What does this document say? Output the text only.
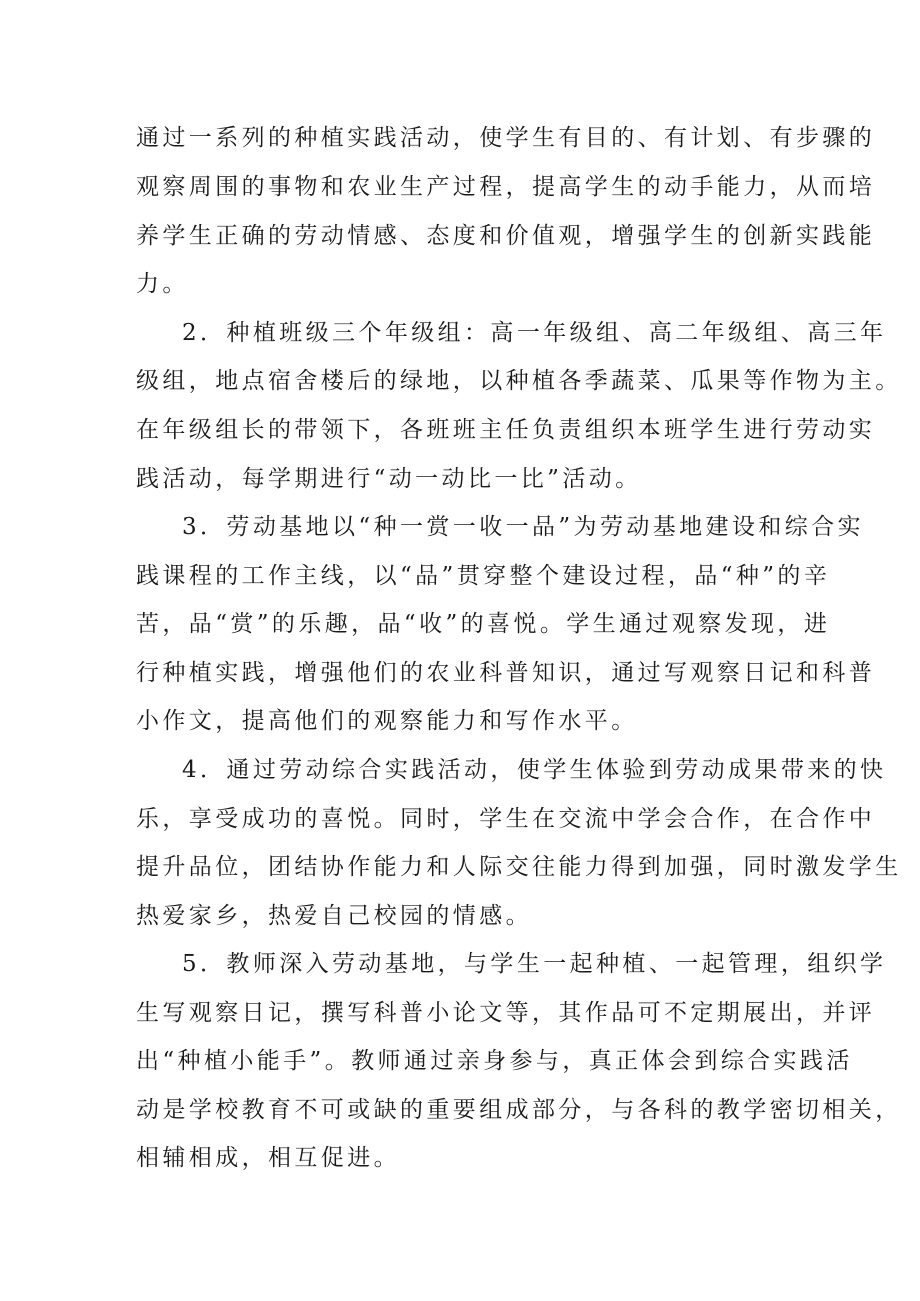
通过一系列的种植实践活动，使学生有目的、有计划、有步骤的
观察周围的事物和农业生产过程，提高学生的动手能力，从而培
养学生正确的劳动情感、态度和价值观，增强学生的创新实践能
力。
2．种植班级三个年级组：高一年级组、高二年级组、高三年
级组，地点宿舍楼后的绿地，以种植各季蔬菜、瓜果等作物为主。
在年级组长的带领下，各班班主任负责组织本班学生进行劳动实
践活动，每学期进行“动一动比一比”活动。
3．劳动基地以“种一赏一收一品”为劳动基地建设和综合实
践课程的工作主线，以“品”贯穿整个建设过程，品“种”的辛
苦，品“赏”的乐趣，品“收”的喜悦。学生通过观察发现，进
行种植实践，增强他们的农业科普知识，通过写观察日记和科普
小作文，提高他们的观察能力和写作水平。
4．通过劳动综合实践活动，使学生体验到劳动成果带来的快
乐，享受成功的喜悦。同时，学生在交流中学会合作，在合作中
提升品位，团结协作能力和人际交往能力得到加强，同时激发学生
热爱家乡，热爱自己校园的情感。
5．教师深入劳动基地，与学生一起种植、一起管理，组织学
生写观察日记，撰写科普小论文等，其作品可不定期展出，并评
出“种植小能手”。教师通过亲身参与，真正体会到综合实践活
动是学校教育不可或缺的重要组成部分，与各科的教学密切相关，
相辅相成，相互促进。
